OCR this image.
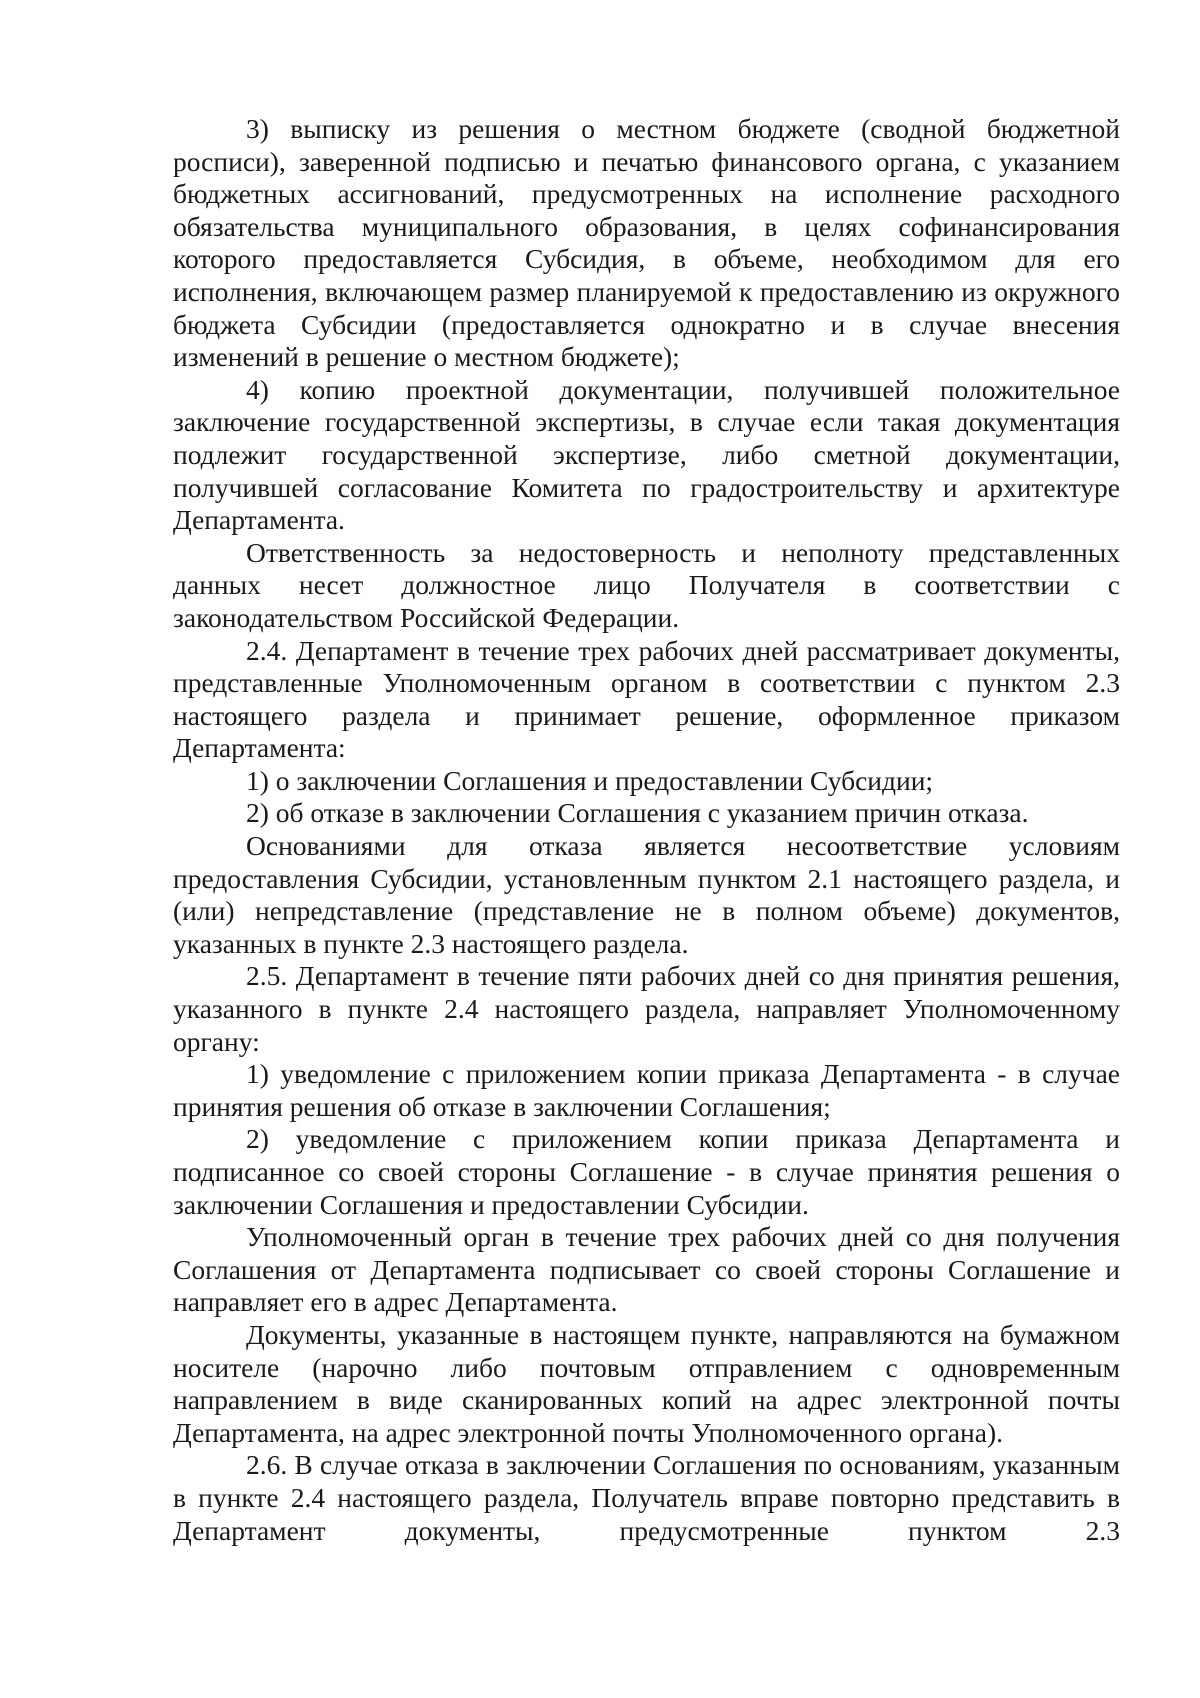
3) выписку из решения о местном бюджете (сводной бюджетной росписи), заверенной подписью и печатью финансового органа, с указанием бюджетных ассигнований, предусмотренных на исполнение расходного обязательства муниципального образования, в целях софинансирования которого предоставляется Субсидия, в объеме, необходимом для его исполнения, включающем размер планируемой к предоставлению из окружного бюджета Субсидии (предоставляется однократно и в случае внесения изменений в решение о местном бюджете);

4) копию проектной документации, получившей положительное заключение государственной экспертизы, в случае если такая документация подлежит государственной экспертизе, либо сметной документации, получившей согласование Комитета по градостроительству и архитектуре Департамента.

Ответственность за недостоверность и неполноту представленных данных несет должностное лицо Получателя в соответствии с законодательством Российской Федерации.

2.4. Департамент в течение трех рабочих дней рассматривает документы, представленные Уполномоченным органом в соответствии с пунктом 2.3 настоящего раздела и принимает решение, оформленное приказом Департамента:

1) о заключении Соглашения и предоставлении Субсидии;

2) об отказе в заключении Соглашения с указанием причин отказа.

Основаниями для отказа является несоответствие условиям предоставления Субсидии, установленным пунктом 2.1 настоящего раздела, и (или) непредставление (представление не в полном объеме) документов, указанных в пункте 2.3 настоящего раздела.

2.5. Департамент в течение пяти рабочих дней со дня принятия решения, указанного в пункте 2.4 настоящего раздела, направляет Уполномоченному органу:

1) уведомление с приложением копии приказа Департамента - в случае принятия решения об отказе в заключении Соглашения;

2) уведомление с приложением копии приказа Департамента и подписанное со своей стороны Соглашение - в случае принятия решения о заключении Соглашения и предоставлении Субсидии.

Уполномоченный орган в течение трех рабочих дней со дня получения Соглашения от Департамента подписывает со своей стороны Соглашение и направляет его в адрес Департамента.

Документы, указанные в настоящем пункте, направляются на бумажном носителе (нарочно либо почтовым отправлением с одновременным направлением в виде сканированных копий на адрес электронной почты Департамента, на адрес электронной почты Уполномоченного органа).

2.6. В случае отказа в заключении Соглашения по основаниям, указанным в пункте 2.4 настоящего раздела, Получатель вправе повторно представить в Департамент документы, предусмотренные пунктом 2.3
